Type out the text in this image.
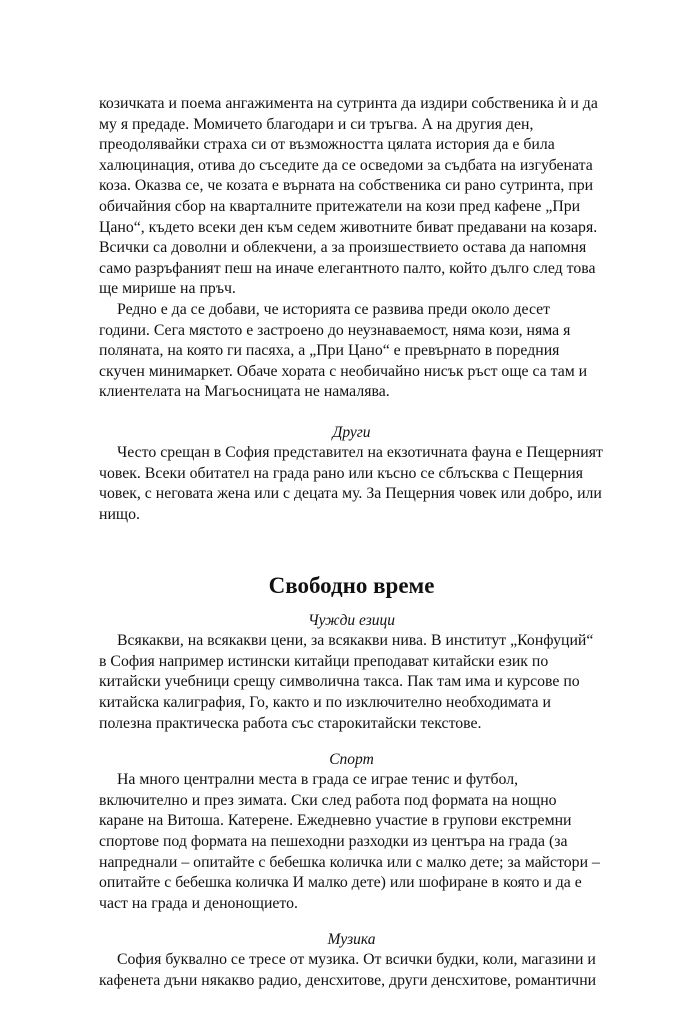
козичката и поема ангажимента на сутринта да издири собственика ѝ и да му я предаде. Момичето благодари и си тръгва. А на другия ден, преодолявайки страха си от възможността цялата история да е била халюцинация, отива до съседите да се осведоми за съдбата на изгубената коза. Оказва се, че козата е върната на собственика си рано сутринта, при обичайния сбор на кварталните притежатели на кози пред кафене „При Цано“, където всеки ден към седем животните биват предавани на козаря. Всички са доволни и облекчени, а за произшествието остава да напомня само разръфаният пеш на иначе елегантното палто, който дълго след това ще мирише на пръч.

Редно е да се добави, че историята се развива преди около десет години. Сега мястото е застроено до неузнаваемост, няма кози, няма я поляната, на която ги пасяха, а „При Цано“ е превърнато в поредния скучен минимаркет. Обаче хората с необичайно нисък ръст още са там и клиентелата на Магьосницата не намалява.

Други

Често срещан в София представител на екзотичната фауна е Пещерният човек. Всеки обитател на града рано или късно се сблъсква с Пещерния човек, с неговата жена или с децата му. За Пещерния човек или добро, или нищо.

Свободно време
Чужди езици

Всякакви, на всякакви цени, за всякакви нива. В институт „Конфуций“ в София например истински китайци преподават китайски език по китайски учебници срещу символична такса. Пак там има и курсове по китайска калиграфия, Го, както и по изключително необходимата и полезна практическа работа със старокитайски текстове.

Спорт

На много централни места в града се играе тенис и футбол, включително и през зимата. Ски след работа под формата на нощно каране на Витоша. Катерене. Ежедневно участие в групови екстремни спортове под формата на пешеходни разходки из центъра на града (за напреднали – опитайте с бебешка количка или с малко дете; за майстори – опитайте с бебешка количка И малко дете) или шофиране в която и да е част на града и денонощието.

Музика

София буквално се тресе от музика. От всички будки, коли, магазини и кафенета дъни някакво радио, денсхитове, други денсхитове, романтични
